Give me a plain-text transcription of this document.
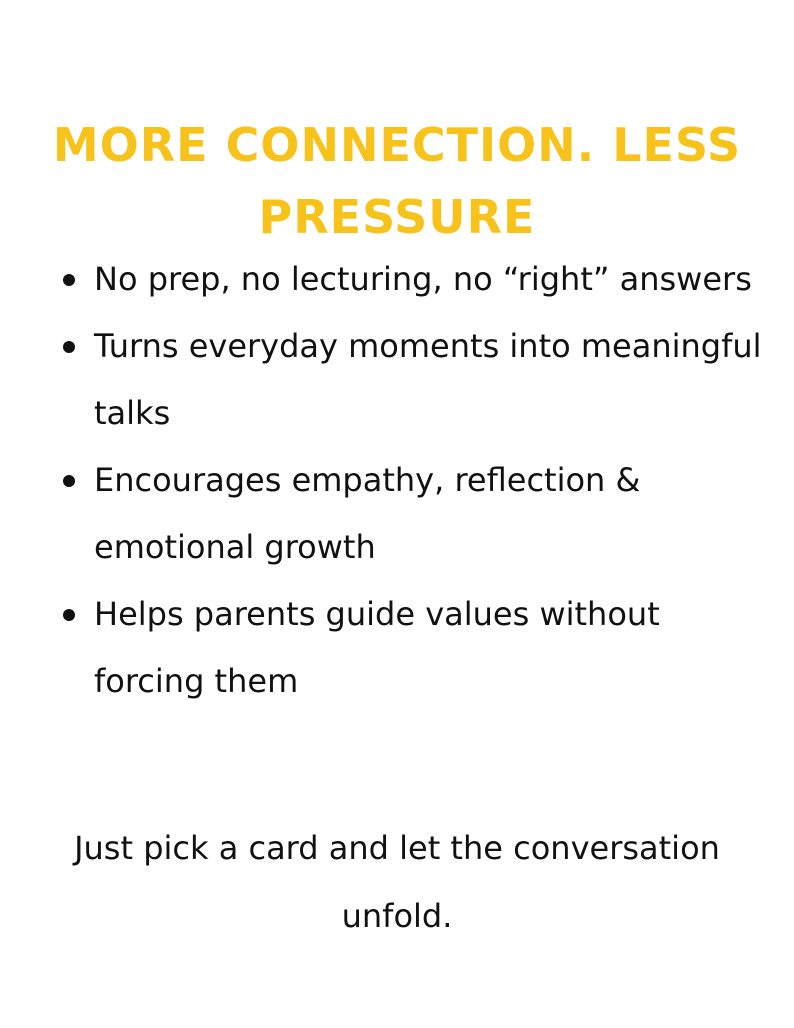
MORE CONNECTION. LESS PRESSURE
No prep, no lecturing, no “right” answers
Turns everyday moments into meaningful talks
Encourages empathy, reflection & emotional growth
Helps parents guide values without forcing them

Just pick a card and let the conversation unfold.
